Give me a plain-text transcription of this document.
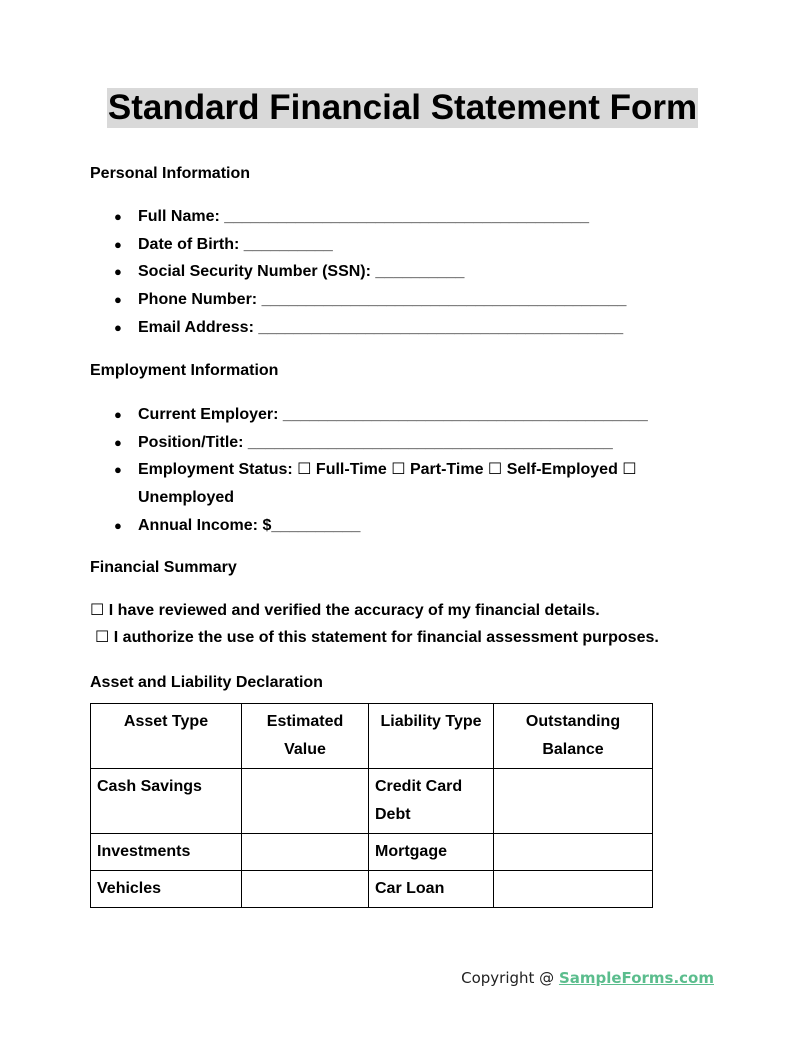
Standard Financial Statement Form
Personal Information
● Full Name: _________________________________________
● Date of Birth: __________
● Social Security Number (SSN): __________
● Phone Number: _________________________________________
● Email Address: _________________________________________
Employment Information
● Current Employer: _________________________________________
● Position/Title: _________________________________________
● Employment Status: ☐ Full-Time ☐ Part-Time ☐ Self-Employed ☐ Unemployed
● Annual Income: $__________
Financial Summary
☐ I have reviewed and verified the accuracy of my financial details.
☐ I authorize the use of this statement for financial assessment purposes.
Asset and Liability Declaration
Asset Type	Estimated Value	Liability Type	Outstanding Balance
Cash Savings		Credit Card Debt	
Investments		Mortgage	
Vehicles		Car Loan	
Copyright @ SampleForms.com
